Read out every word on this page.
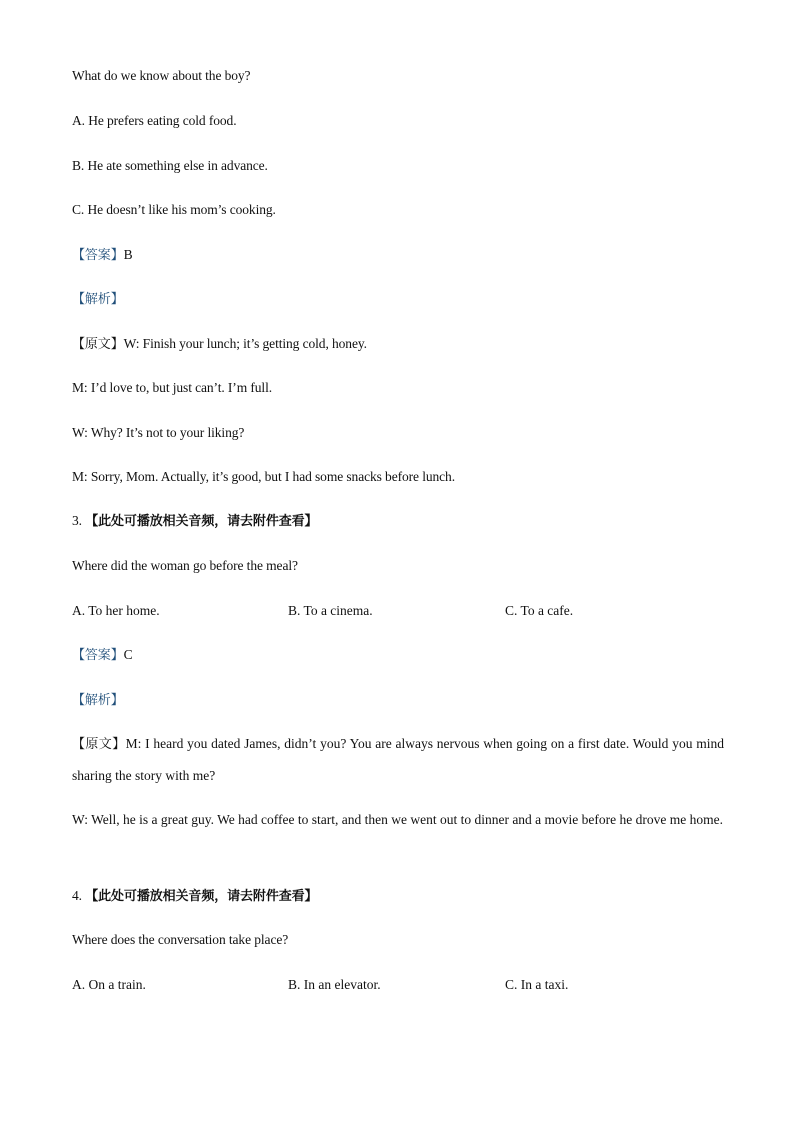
What do we know about the boy?
A. He prefers eating cold food.
B. He ate something else in advance.
C. He doesn’t like his mom’s cooking.
【答案】B
【解析】
【原文】W: Finish your lunch; it’s getting cold, honey.
M: I’d love to, but just can’t. I’m full.
W: Why? It’s not to your liking?
M: Sorry, Mom. Actually, it’s good, but I had some snacks before lunch.
3. 【此处可播放相关音频，请去附件查看】
Where did the woman go before the meal?
A. To her home.	B. To a cinema.	C. To a cafe.
【答案】C
【解析】
【原文】M: I heard you dated James, didn’t you? You are always nervous when going on a first date. Would you mind sharing the story with me?
W: Well, he is a great guy. We had coffee to start, and then we went out to dinner and a movie before he drove me home.
4. 【此处可播放相关音频，请去附件查看】
Where does the conversation take place?
A. On a train.	B. In an elevator.	C. In a taxi.
